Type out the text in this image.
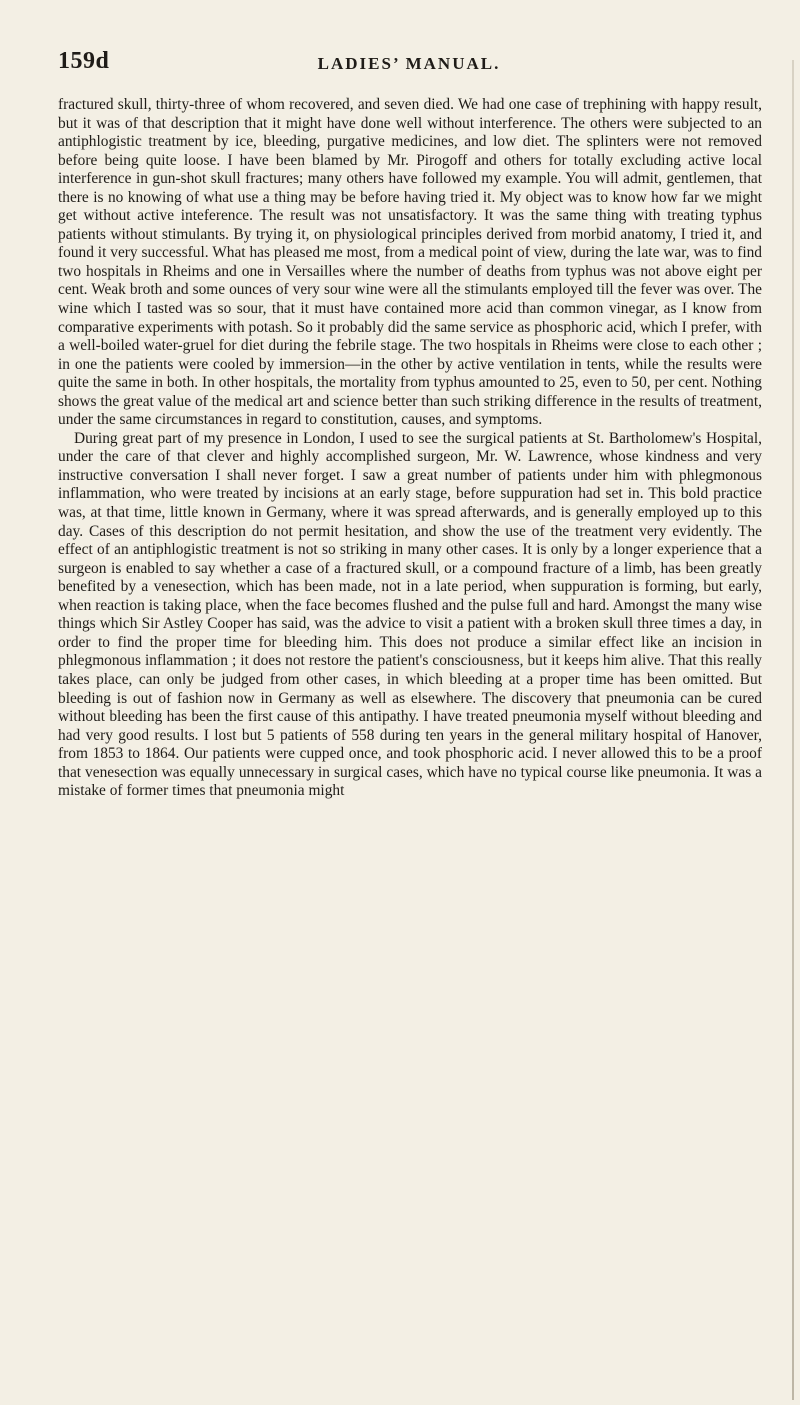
159d	LADIES’ MANUAL.

fractured skull, thirty-three of whom recovered, and seven died. We had one case of trephining with happy result, but it was of that description that it might have done well without interference. The others were subjected to an antiphlogistic treatment by ice, bleeding, purgative medicines, and low diet. The splinters were not removed before being quite loose. I have been blamed by Mr. Pirogoff and others for totally excluding active local interference in gun-shot skull fractures; many others have followed my example. You will admit, gentlemen, that there is no knowing of what use a thing may be before having tried it. My object was to know how far we might get without active inteference. The result was not unsatisfactory. It was the same thing with treating typhus patients without stimulants. By trying it, on physiological principles derived from morbid anatomy, I tried it, and found it very successful. What has pleased me most, from a medical point of view, during the late war, was to find two hospitals in Rheims and one in Versailles where the number of deaths from typhus was not above eight per cent. Weak broth and some ounces of very sour wine were all the stimulants employed till the fever was over. The wine which I tasted was so sour, that it must have contained more acid than common vinegar, as I know from comparative experiments with potash. So it probably did the same service as phosphoric acid, which I prefer, with a well-boiled water-gruel for diet during the febrile stage. The two hospitals in Rheims were close to each other ; in one the patients were cooled by immersion—in the other by active ventilation in tents, while the results were quite the same in both. In other hospitals, the mortality from typhus amounted to 25, even to 50, per cent. Nothing shows the great value of the medical art and science better than such striking difference in the results of treatment, under the same circumstances in regard to constitution, causes, and symptoms.

During great part of my presence in London, I used to see the surgical patients at St. Bartholomew's Hospital, under the care of that clever and highly accomplished surgeon, Mr. W. Lawrence, whose kindness and very instructive conversation I shall never forget. I saw a great number of patients under him with phlegmonous inflammation, who were treated by incisions at an early stage, before suppuration had set in. This bold practice was, at that time, little known in Germany, where it was spread afterwards, and is generally employed up to this day. Cases of this description do not permit hesitation, and show the use of the treatment very evidently. The effect of an antiphlogistic treatment is not so striking in many other cases. It is only by a longer experience that a surgeon is enabled to say whether a case of a fractured skull, or a compound fracture of a limb, has been greatly benefited by a venesection, which has been made, not in a late period, when suppuration is forming, but early, when reaction is taking place, when the face becomes flushed and the pulse full and hard. Amongst the many wise things which Sir Astley Cooper has said, was the advice to visit a patient with a broken skull three times a day, in order to find the proper time for bleeding him. This does not produce a similar effect like an incision in phlegmonous inflammation ; it does not restore the patient's consciousness, but it keeps him alive. That this really takes place, can only be judged from other cases, in which bleeding at a proper time has been omitted. But bleeding is out of fashion now in Germany as well as elsewhere. The discovery that pneumonia can be cured without bleeding has been the first cause of this antipathy. I have treated pneumonia myself without bleeding and had very good results. I lost but 5 patients of 558 during ten years in the general military hospital of Hanover, from 1853 to 1864. Our patients were cupped once, and took phosphoric acid. I never allowed this to be a proof that venesection was equally unnecessary in surgical cases, which have no typical course like pneumonia. It was a mistake of former times that pneumonia might
